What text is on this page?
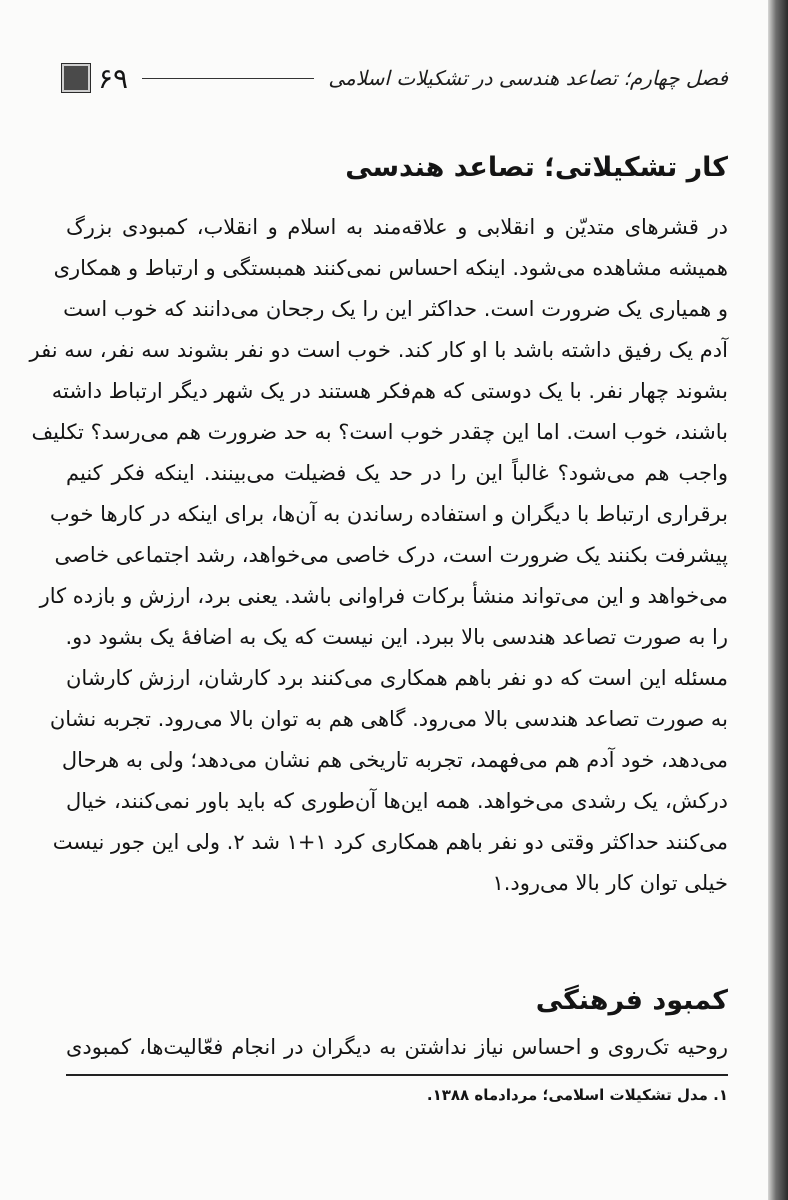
فصل چهارم؛ تصاعد هندسی در تشکیلات اسلامی
۶۹
کار تشکیلاتی؛ تصاعد هندسی
در قشرهای متدیّن و انقلابی و علاقه‌مند به اسلام و انقلاب، کمبودی بزرگ
همیشه مشاهده می‌شود. اینکه احساس نمی‌کنند همبستگی و ارتباط و همکاری
و همیاری یک ضرورت است. حداکثر این را یک رجحان می‌دانند که خوب است
آدم یک رفیق داشته باشد با او کار کند. خوب است دو نفر بشوند سه نفر، سه نفر
بشوند چهار نفر. با یک دوستی که هم‌فکر هستند در یک شهر دیگر ارتباط داشته
باشند، خوب است. اما این چقدر خوب است؟ به حد ضرورت هم می‌رسد؟ تکلیف
واجب هم می‌شود؟ غالباً این را در حد یک فضیلت می‌بینند. اینکه فکر کنیم
برقراری ارتباط با دیگران و استفاده رساندن به آن‌ها، برای اینکه در کارها خوب
پیشرفت بکنند یک ضرورت است، درک خاصی می‌خواهد، رشد اجتماعی خاصی
می‌خواهد و این می‌تواند منشأ برکات فراوانی باشد. یعنی برد، ارزش و بازده کار
را به صورت تصاعد هندسی بالا ببرد. این نیست که یک به اضافهٔ یک بشود دو.
مسئله این است که دو نفر باهم همکاری می‌کنند برد کارشان، ارزش کارشان
به صورت تصاعد هندسی بالا می‌رود. گاهی هم به توان بالا می‌رود. تجربه نشان
می‌دهد، خود آدم هم می‌فهمد، تجربه تاریخی هم نشان می‌دهد؛ ولی به هرحال
درکش، یک رشدی می‌خواهد. همه این‌ها آن‌طوری که باید باور نمی‌کنند، خیال
می‌کنند حداکثر وقتی دو نفر باهم همکاری کرد ۱+۱ شد ۲. ولی این جور نیست
خیلی توان کار بالا می‌رود.۱
کمبود فرهنگی
روحیه تک‌روی و احساس نیاز نداشتن به دیگران در انجام فعّالیت‌ها، کمبودی
۱. مدل تشکیلات اسلامی؛ مردادماه ۱۳۸۸.
